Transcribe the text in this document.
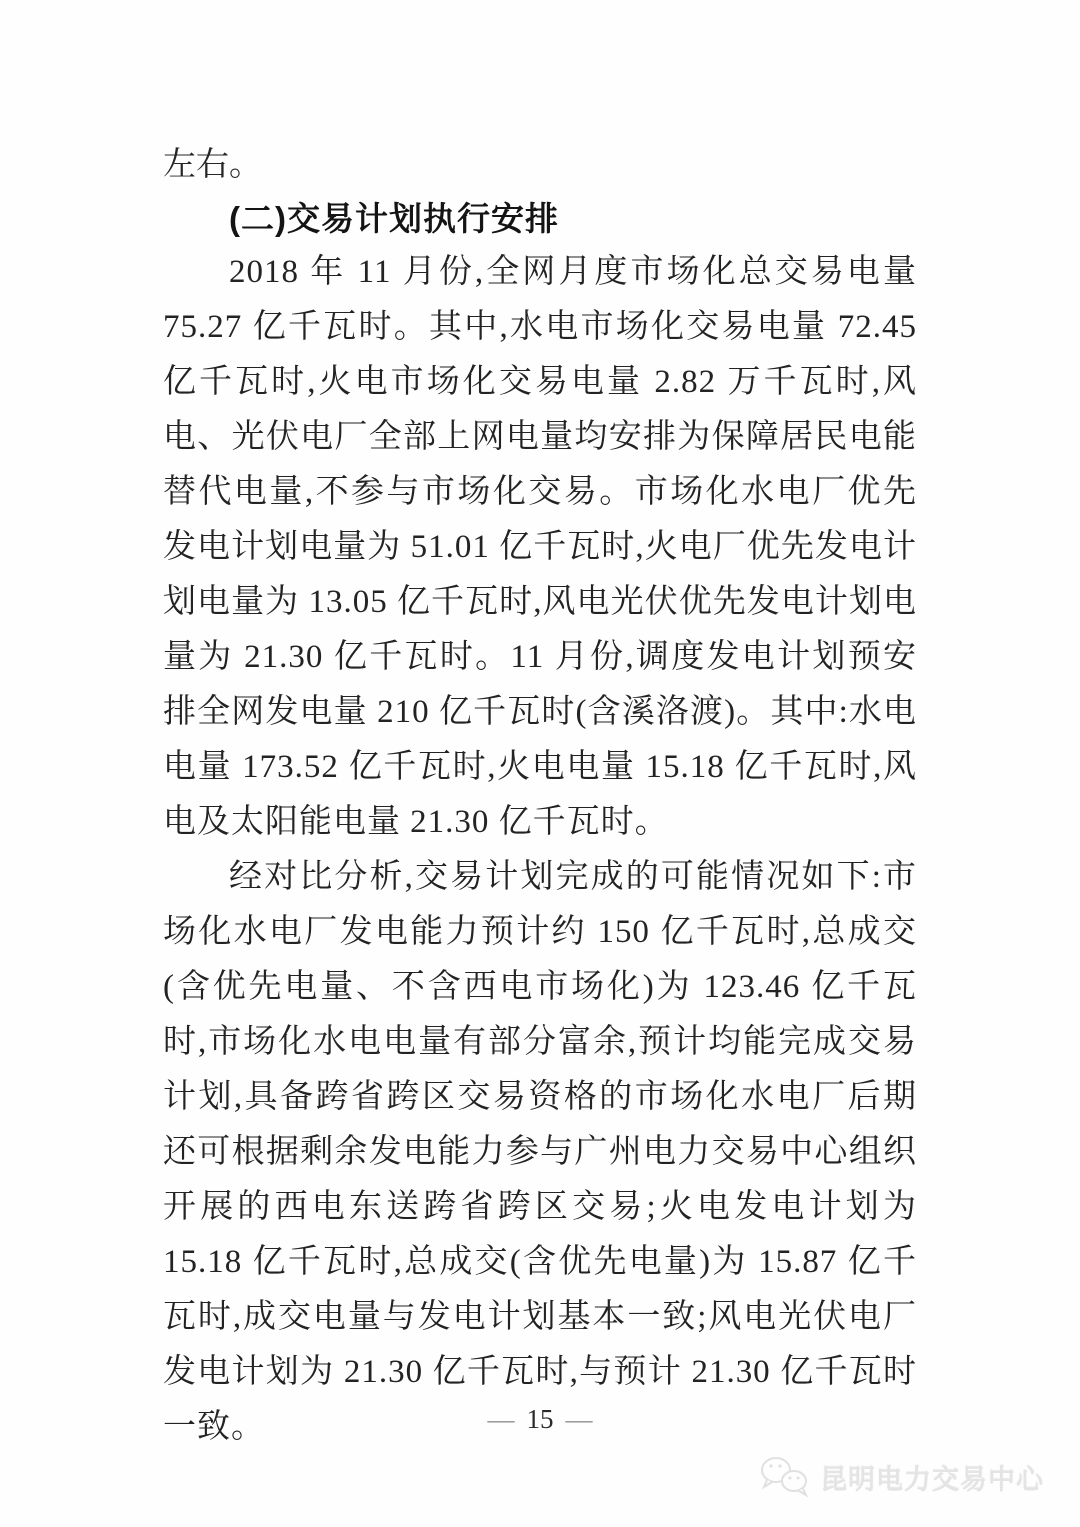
左右。

(二)交易计划执行安排

2018 年 11 月份,全网月度市场化总交易电量 75.27 亿千瓦时。其中,水电市场化交易电量 72.45 亿千瓦时,火电市场化交易电量 2.82 万千瓦时,风电、光伏电厂全部上网电量均安排为保障居民电能替代电量,不参与市场化交易。市场化水电厂优先发电计划电量为 51.01 亿千瓦时,火电厂优先发电计划电量为 13.05 亿千瓦时,风电光伏优先发电计划电量为 21.30 亿千瓦时。11 月份,调度发电计划预安排全网发电量 210 亿千瓦时(含溪洛渡)。其中:水电电量 173.52 亿千瓦时,火电电量 15.18 亿千瓦时,风电及太阳能电量 21.30 亿千瓦时。

经对比分析,交易计划完成的可能情况如下:市场化水电厂发电能力预计约 150 亿千瓦时,总成交(含优先电量、不含西电市场化)为 123.46 亿千瓦时,市场化水电电量有部分富余,预计均能完成交易计划,具备跨省跨区交易资格的市场化水电厂后期还可根据剩余发电能力参与广州电力交易中心组织开展的西电东送跨省跨区交易;火电发电计划为 15.18 亿千瓦时,总成交(含优先电量)为 15.87 亿千瓦时,成交电量与发电计划基本一致;风电光伏电厂发电计划为 21.30 亿千瓦时,与预计 21.30 亿千瓦时一致。	— 15 —
昆明电力交易中心
